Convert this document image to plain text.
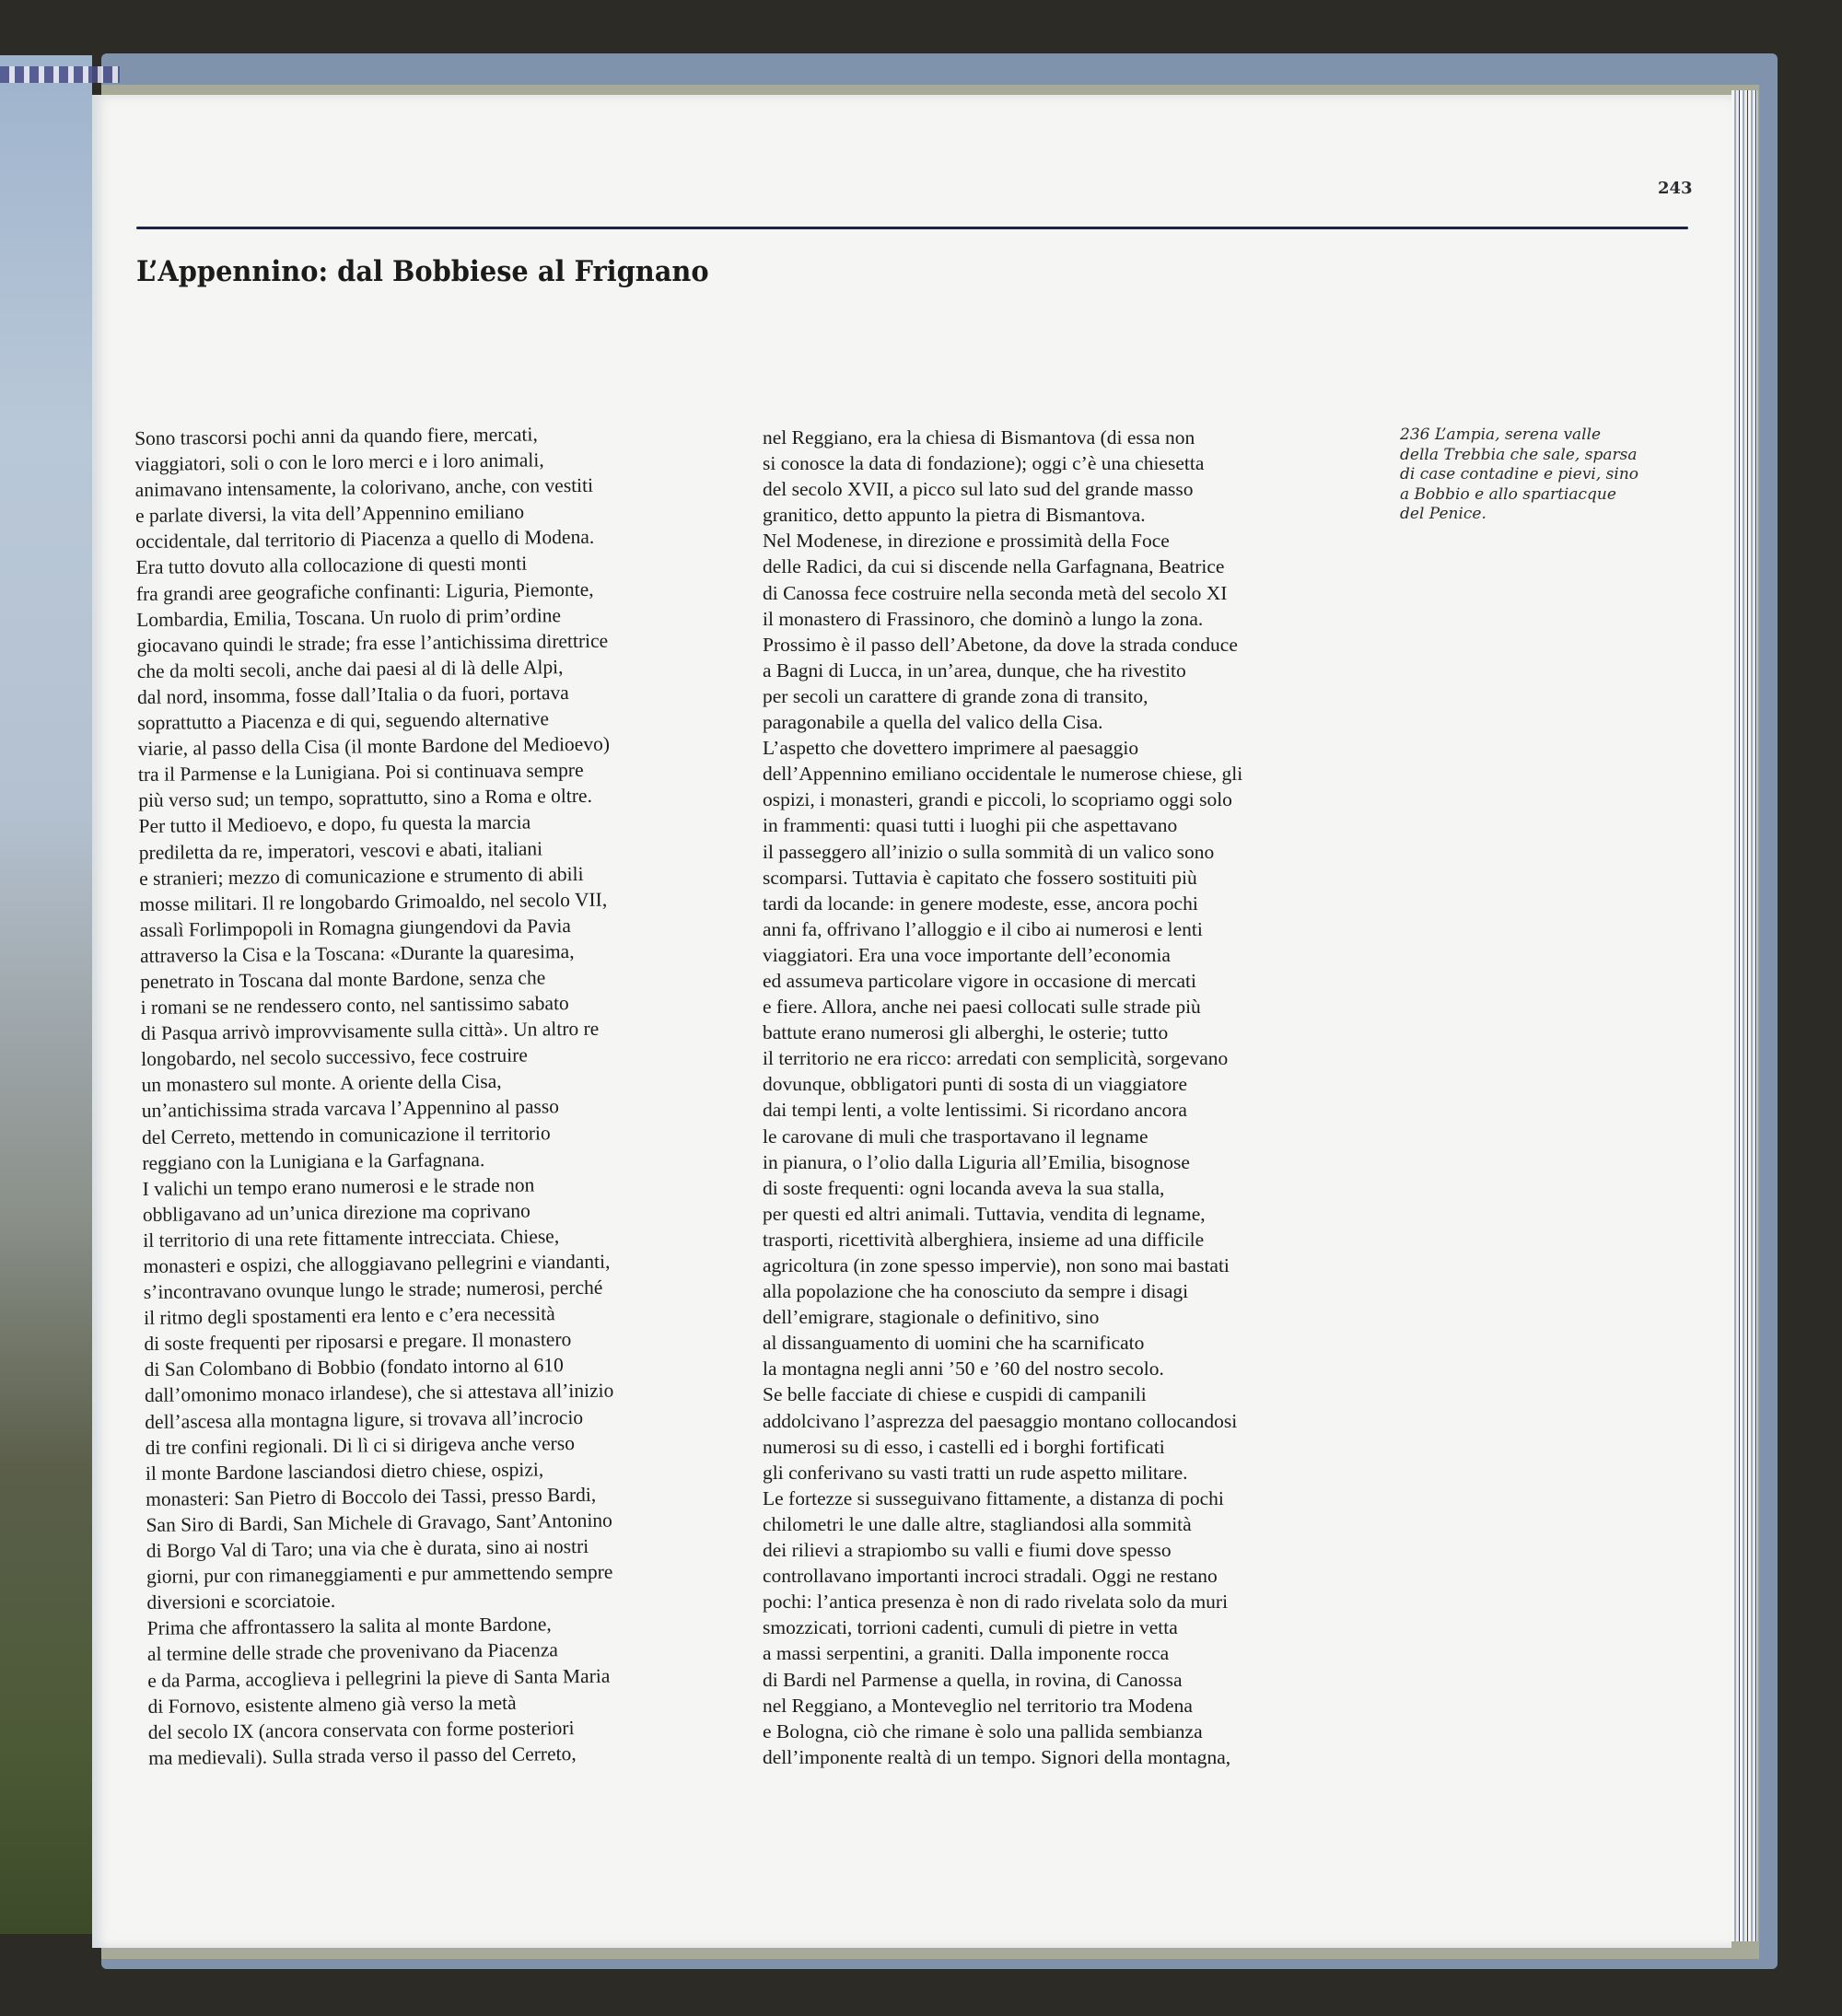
243
L’Appennino: dal Bobbiese al Frignano
Sono trascorsi pochi anni da quando fiere, mercati,
viaggiatori, soli o con le loro merci e i loro animali,
animavano intensamente, la colorivano, anche, con vestiti
e parlate diversi, la vita dell’Appennino emiliano
occidentale, dal territorio di Piacenza a quello di Modena.
Era tutto dovuto alla collocazione di questi monti
fra grandi aree geografiche confinanti: Liguria, Piemonte,
Lombardia, Emilia, Toscana. Un ruolo di prim’ordine
giocavano quindi le strade; fra esse l’antichissima direttrice
che da molti secoli, anche dai paesi al di là delle Alpi,
dal nord, insomma, fosse dall’Italia o da fuori, portava
soprattutto a Piacenza e di qui, seguendo alternative
viarie, al passo della Cisa (il monte Bardone del Medioevo)
tra il Parmense e la Lunigiana. Poi si continuava sempre
più verso sud; un tempo, soprattutto, sino a Roma e oltre.
Per tutto il Medioevo, e dopo, fu questa la marcia
prediletta da re, imperatori, vescovi e abati, italiani
e stranieri; mezzo di comunicazione e strumento di abili
mosse militari. Il re longobardo Grimoaldo, nel secolo VII,
assalì Forlimpopoli in Romagna giungendovi da Pavia
attraverso la Cisa e la Toscana: «Durante la quaresima,
penetrato in Toscana dal monte Bardone, senza che
i romani se ne rendessero conto, nel santissimo sabato
di Pasqua arrivò improvvisamente sulla città». Un altro re
longobardo, nel secolo successivo, fece costruire
un monastero sul monte. A oriente della Cisa,
un’antichissima strada varcava l’Appennino al passo
del Cerreto, mettendo in comunicazione il territorio
reggiano con la Lunigiana e la Garfagnana.
I valichi un tempo erano numerosi e le strade non
obbligavano ad un’unica direzione ma coprivano
il territorio di una rete fittamente intrecciata. Chiese,
monasteri e ospizi, che alloggiavano pellegrini e viandanti,
s’incontravano ovunque lungo le strade; numerosi, perché
il ritmo degli spostamenti era lento e c’era necessità
di soste frequenti per riposarsi e pregare. Il monastero
di San Colombano di Bobbio (fondato intorno al 610
dall’omonimo monaco irlandese), che si attestava all’inizio
dell’ascesa alla montagna ligure, si trovava all’incrocio
di tre confini regionali. Di lì ci si dirigeva anche verso
il monte Bardone lasciandosi dietro chiese, ospizi,
monasteri: San Pietro di Boccolo dei Tassi, presso Bardi,
San Siro di Bardi, San Michele di Gravago, Sant’Antonino
di Borgo Val di Taro; una via che è durata, sino ai nostri
giorni, pur con rimaneggiamenti e pur ammettendo sempre
diversioni e scorciatoie.
Prima che affrontassero la salita al monte Bardone,
al termine delle strade che provenivano da Piacenza
e da Parma, accoglieva i pellegrini la pieve di Santa Maria
di Fornovo, esistente almeno già verso la metà
del secolo IX (ancora conservata con forme posteriori
ma medievali). Sulla strada verso il passo del Cerreto,
nel Reggiano, era la chiesa di Bismantova (di essa non
si conosce la data di fondazione); oggi c’è una chiesetta
del secolo XVII, a picco sul lato sud del grande masso
granitico, detto appunto la pietra di Bismantova.
Nel Modenese, in direzione e prossimità della Foce
delle Radici, da cui si discende nella Garfagnana, Beatrice
di Canossa fece costruire nella seconda metà del secolo XI
il monastero di Frassinoro, che dominò a lungo la zona.
Prossimo è il passo dell’Abetone, da dove la strada conduce
a Bagni di Lucca, in un’area, dunque, che ha rivestito
per secoli un carattere di grande zona di transito,
paragonabile a quella del valico della Cisa.
L’aspetto che dovettero imprimere al paesaggio
dell’Appennino emiliano occidentale le numerose chiese, gli
ospizi, i monasteri, grandi e piccoli, lo scopriamo oggi solo
in frammenti: quasi tutti i luoghi pii che aspettavano
il passeggero all’inizio o sulla sommità di un valico sono
scomparsi. Tuttavia è capitato che fossero sostituiti più
tardi da locande: in genere modeste, esse, ancora pochi
anni fa, offrivano l’alloggio e il cibo ai numerosi e lenti
viaggiatori. Era una voce importante dell’economia
ed assumeva particolare vigore in occasione di mercati
e fiere. Allora, anche nei paesi collocati sulle strade più
battute erano numerosi gli alberghi, le osterie; tutto
il territorio ne era ricco: arredati con semplicità, sorgevano
dovunque, obbligatori punti di sosta di un viaggiatore
dai tempi lenti, a volte lentissimi. Si ricordano ancora
le carovane di muli che trasportavano il legname
in pianura, o l’olio dalla Liguria all’Emilia, bisognose
di soste frequenti: ogni locanda aveva la sua stalla,
per questi ed altri animali. Tuttavia, vendita di legname,
trasporti, ricettività alberghiera, insieme ad una difficile
agricoltura (in zone spesso impervie), non sono mai bastati
alla popolazione che ha conosciuto da sempre i disagi
dell’emigrare, stagionale o definitivo, sino
al dissanguamento di uomini che ha scarnificato
la montagna negli anni ’50 e ’60 del nostro secolo.
Se belle facciate di chiese e cuspidi di campanili
addolcivano l’asprezza del paesaggio montano collocandosi
numerosi su di esso, i castelli ed i borghi fortificati
gli conferivano su vasti tratti un rude aspetto militare.
Le fortezze si susseguivano fittamente, a distanza di pochi
chilometri le une dalle altre, stagliandosi alla sommità
dei rilievi a strapiombo su valli e fiumi dove spesso
controllavano importanti incroci stradali. Oggi ne restano
pochi: l’antica presenza è non di rado rivelata solo da muri
smozzicati, torrioni cadenti, cumuli di pietre in vetta
a massi serpentini, a graniti. Dalla imponente rocca
di Bardi nel Parmense a quella, in rovina, di Canossa
nel Reggiano, a Monteveglio nel territorio tra Modena
e Bologna, ciò che rimane è solo una pallida sembianza
dell’imponente realtà di un tempo. Signori della montagna,
236 L’ampia, serena valle
della Trebbia che sale, sparsa
di case contadine e pievi, sino
a Bobbio e allo spartiacque
del Penice.
